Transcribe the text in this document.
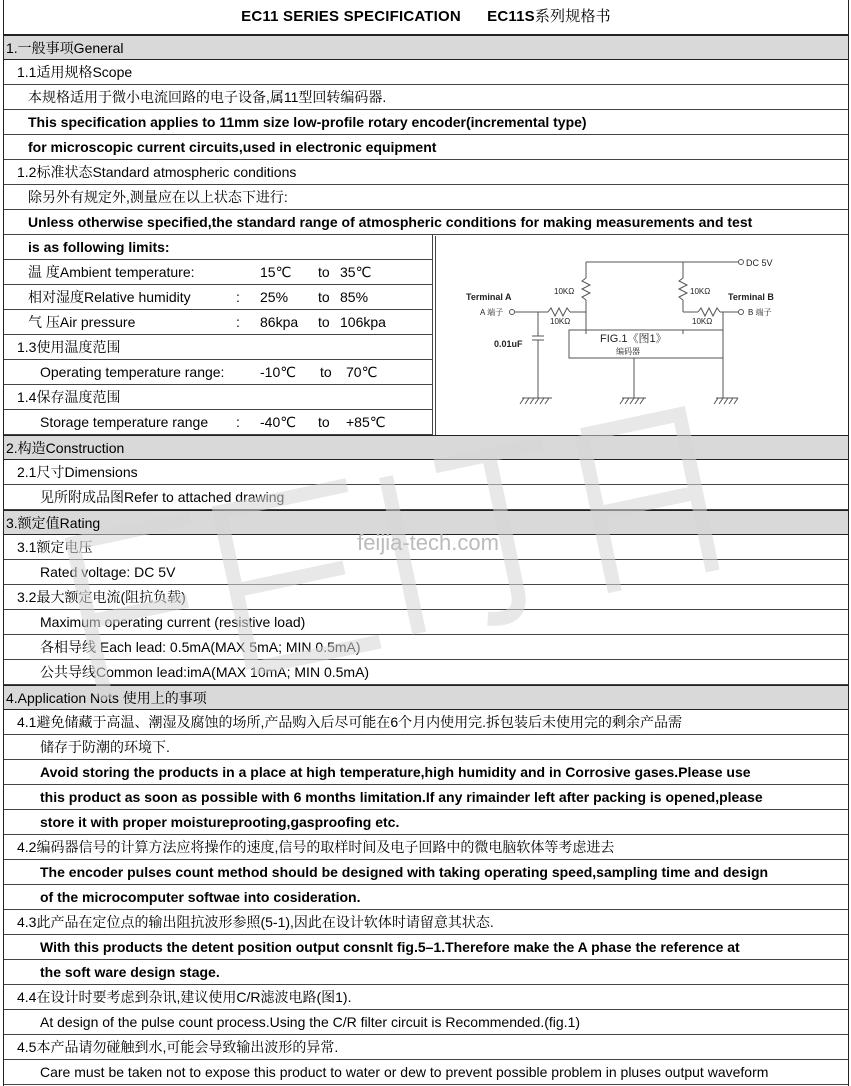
EC11 SERIES SPECIFICATION EC11S系列规格书
1.一般事项General
1.1适用规格Scope
本规格适用于微小电流回路的电子设备,属11型回转编码器.
This specification applies to 11mm size low-profile rotary encoder(incremental type)
for microscopic current circuits,used in electronic equipment
1.2标准状态Standard atmospheric conditions
除另外有规定外,测量应在以上状态下进行:
Unless otherwise specified,the standard range of atmospheric conditions for making measurements and test
is as following limits:
温 度Ambient temperature:	15℃ to 35℃
相对湿度Relative humidity	: 25% to 85%
气 压Air pressure	: 86kpa to 106kpa
1.3使用温度范围
Operating temperature range:	-10℃ to 70℃
1.4保存温度范围
Storage temperature range : -40℃ to +85℃
DC 5V
Terminal A
A 端子
Terminal B
B 端子
10KΩ	10KΩ
10KΩ	10KΩ
0.01uF	FIG.1《图1》
编码器
2.构造Construction
2.1尺寸Dimensions
见所附成品图Refer to attached drawing
3.额定值Rating
3.1额定电压
Rated voltage: DC 5V
3.2最大额定电流(阻抗负载)
Maximum operating current (resistive load)
各相导线 Each lead: 0.5mA(MAX 5mA; MIN 0.5mA)
公共导线Common lead:imA(MAX 10mA; MIN 0.5mA)
4.Application Nots 使用上的事项
4.1避免储藏于高温、潮湿及腐蚀的场所,产品购入后尽可能在6个月内使用完.拆包装后未使用完的剩余产品需
储存于防潮的环境下.
Avoid storing the products in a place at high temperature,high humidity and in Corrosive gases.Please use
this product as soon as possible with 6 months limitation.If any rimainder left after packing is opened,please
store it with proper moistureprooting,gasproofing etc.
4.2编码器信号的计算方法应将操作的速度,信号的取样时间及电子回路中的微电脑软体等考虑进去
The encoder pulses count method should be designed with taking operating speed,sampling time and design
of the microcomputer softwae into cosideration.
4.3此产品在定位点的输出阻抗波形参照(5-1),因此在设计软体时请留意其状态.
With this products the detent position output consnlt fig.5–1.Therefore make the A phase the reference at
the soft ware design stage.
4.4在设计时要考虑到杂讯,建议使用C/R滤波电路(图1).
At design of the pulse count process.Using the C/R filter circuit is Recommended.(fig.1)
4.5本产品请勿碰触到水,可能会导致输出波形的异常.
Care must be taken not to expose this product to water or dew to prevent possible problem in pluses output waveform
feijia-tech.com
